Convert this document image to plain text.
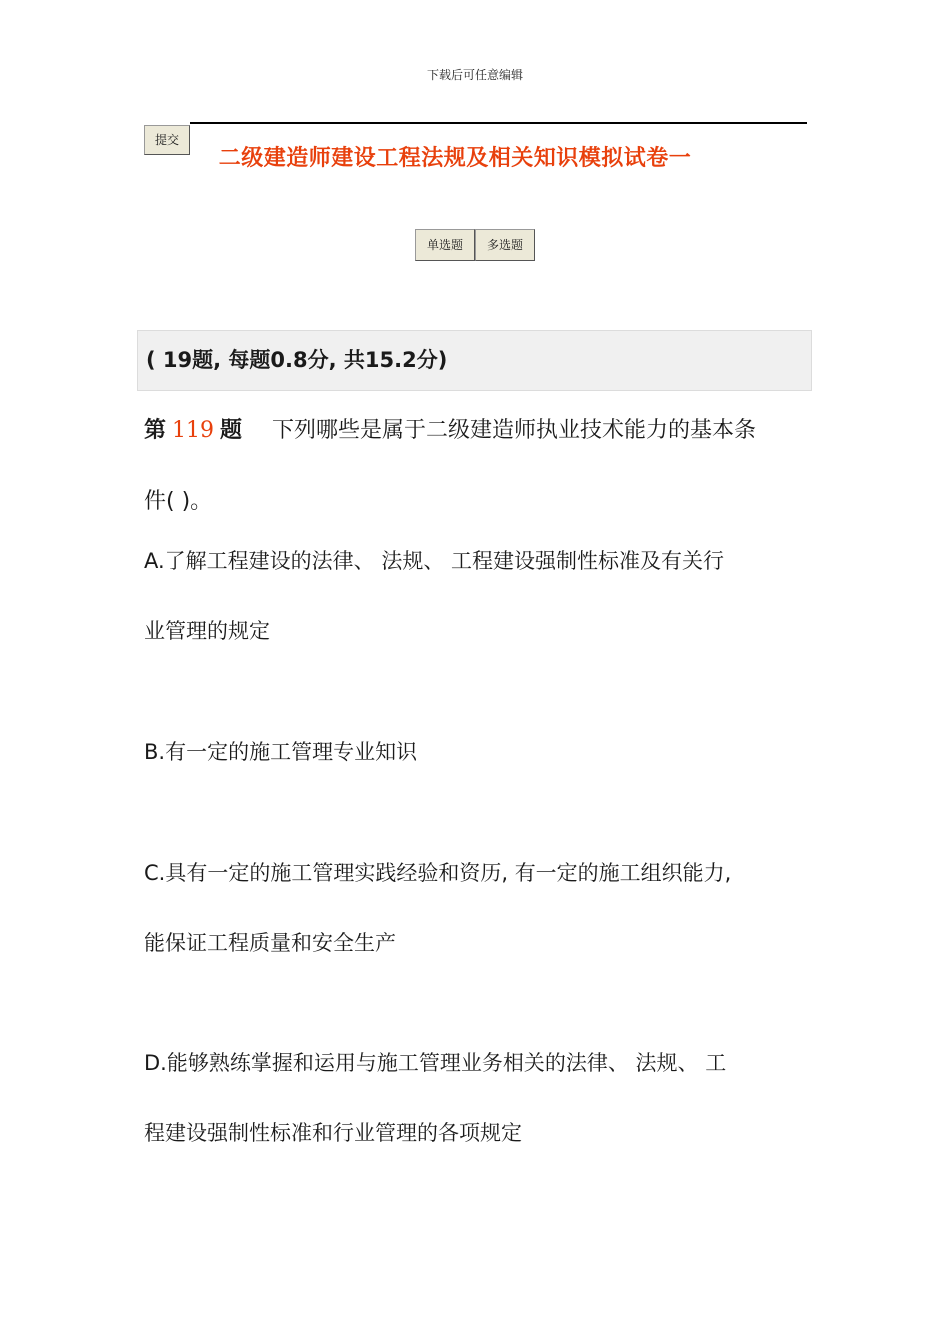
下载后可任意编辑
提交
二级建造师建设工程法规及相关知识模拟试卷一
单选题	多选题
( 19题, 每题0.8分, 共15.2分)
第 119 题 下列哪些是属于二级建造师执业技术能力的基本条
件( )。
A.了解工程建设的法律、 法规、 工程建设强制性标准及有关行
业管理的规定
B.有一定的施工管理专业知识
C.具有一定的施工管理实践经验和资历, 有一定的施工组织能力,
能保证工程质量和安全生产
D.能够熟练掌握和运用与施工管理业务相关的法律、 法规、 工
程建设强制性标准和行业管理的各项规定
